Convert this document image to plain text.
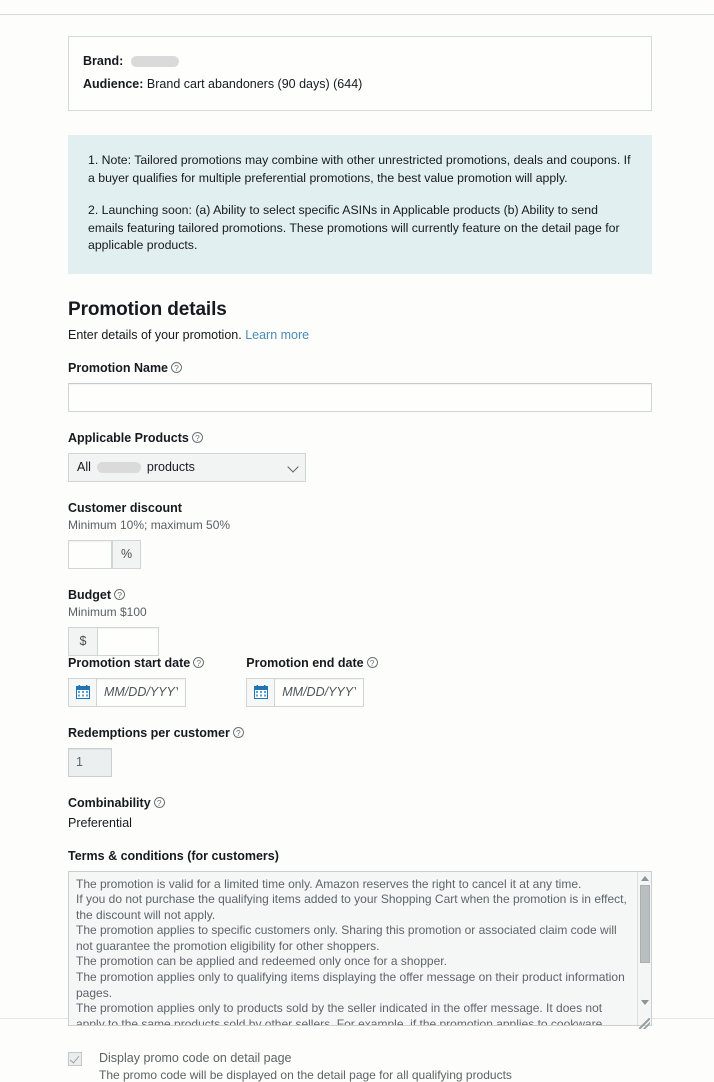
Brand:
Audience: Brand cart abandoners (90 days) (644)

1. Note: Tailored promotions may combine with other unrestricted promotions, deals and coupons. If a buyer qualifies for multiple preferential promotions, the best value promotion will apply.

2. Launching soon: (a) Ability to select specific ASINs in Applicable products (b) Ability to send emails featuring tailored promotions. These promotions will currently feature on the detail page for applicable products.

Promotion details
Enter details of your promotion. Learn more
Promotion Name ?
Applicable Products ?
All products
All	products
Customer discount
Minimum 10%; maximum 50%
%
Budget ?
Minimum $100
$
Promotion start date ?
MM/DD/YYYY	Promotion end date ?
MM/DD/YYYY
Redemptions per customer ?
1
Combinability ?
Preferential
Terms & conditions (for customers)
The promotion is valid for a limited time only. Amazon reserves the right to cancel it at any time. If you do not purchase the qualifying items added to your Shopping Cart when the promotion is in effect, the discount will not apply. The promotion applies to specific customers only. Sharing this promotion or associated claim code will not guarantee the promotion eligibility for other shoppers. The promotion can be applied and redeemed only once for a shopper. The promotion applies only to qualifying items displaying the offer message on their product information pages. The promotion applies only to products sold by the seller indicated in the offer message. It does not apply to the same products sold by other sellers. For example, if the promotion applies to cookware offered by Amazon.com, the same cookware offered by other sellers on the Amazon.com website (e.g. Macy's, etc.) do not qualify. Unless the promotion indicates otherwise, it applies to the lowest priced qualifying item and may not be combined
Display promo code on detail page
The promo code will be displayed on the detail page for all qualifying products
